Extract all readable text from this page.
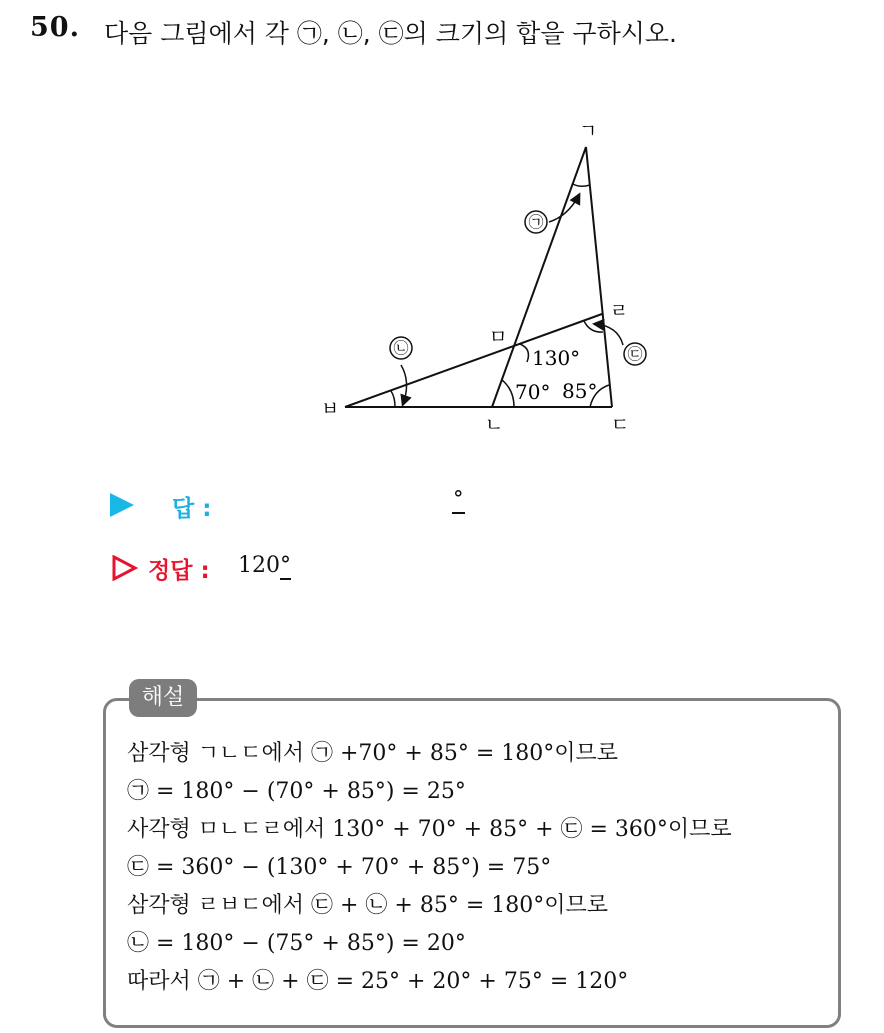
50. 다음 그림에서 각 ㉠, ㉡, ㉢의 크기의 합을 구하시오.
㉠
㉡	㉢
ㄱ
ㄴ	ㄷ
ㄹ
ㅁ
ㅂ
130°
70° 85°
답 :	°
정답 : 120°
해설
삼각형 ㄱㄴㄷ에서 ㉠ +70° + 85° = 180°이므로
㉠ = 180° − (70° + 85°) = 25°
사각형 ㅁㄴㄷㄹ에서 130° + 70° + 85° + ㉢ = 360°이므로
㉢ = 360° − (130° + 70° + 85°) = 75°
삼각형 ㄹㅂㄷ에서 ㉢ + ㉡ + 85° = 180°이므로
㉡ = 180° − (75° + 85°) = 20°
따라서 ㉠ + ㉡ + ㉢ = 25° + 20° + 75° = 120°
